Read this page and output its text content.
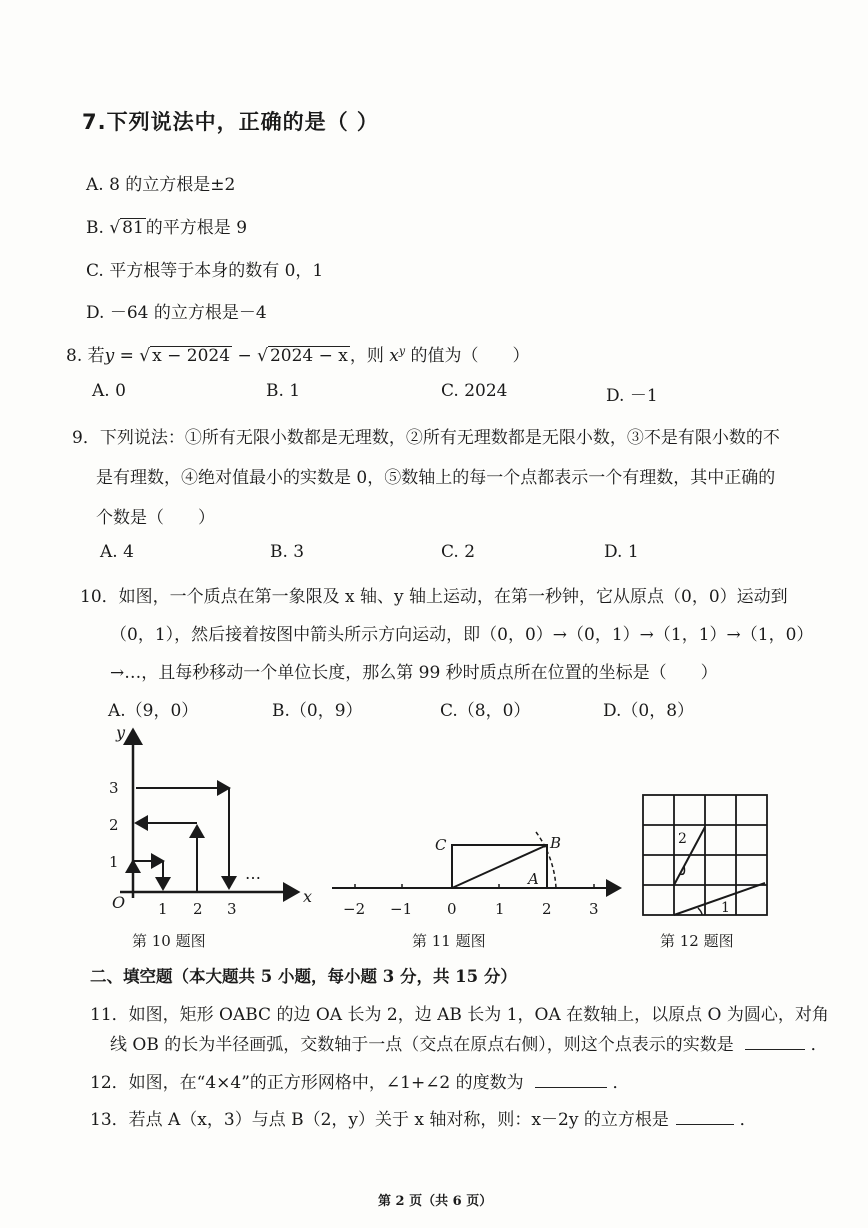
7.下列说法中，正确的是（ ）
A. 8 的立方根是±2
B. √ 81 的平方根是 9
C. 平方根等于本身的数有 0，1
D. －64 的立方根是－4
8. 若y = √ x − 2024 − √ 2024 − x ，则 $x^y$ 的值为（　　）
A. 0	B. 1	C. 2024	D. －1
9．下列说法：①所有无限小数都是无理数，②所有无理数都是无限小数，③不是有限小数的不
是有理数，④绝对值最小的实数是 0，⑤数轴上的每一个点都表示一个有理数，其中正确的
个数是（　　）
A. 4	B. 3	C. 2	D. 1
10．如图，一个质点在第一象限及 x 轴、y 轴上运动，在第一秒钟，它从原点（0，0）运动到
（0，1），然后接着按图中箭头所示方向运动，即（0，0）→（0，1）→（1，1）→（1，0）
→…，且每秒移动一个单位长度，那么第 99 秒时质点所在位置的坐标是（　　）
A.（9，0）	B.（0，9）	C.（8，0）	D.（0，8）
y
x
O
1
2
3
1 2 3
…
第 10 题图
C	B
A
−2 −1 0	1 2 3
第 11 题图
1
2
第 12 题图
二、填空题（本大题共 5 小题，每小题 3 分，共 15 分）
11．如图，矩形 OABC 的边 OA 长为 2，边 AB 长为 1，OA 在数轴上，以原点 O 为圆心，对角
线 OB 的长为半径画弧，交数轴于一点（交点在原点右侧），则这个点表示的实数是	．
12．如图，在“4×4”的正方形网格中，∠1+∠2 的度数为	．
13．若点 A（x，3）与点 B（2，y）关于 x 轴对称，则：x－2y 的立方根是	．
第 2 页（共 6 页）
